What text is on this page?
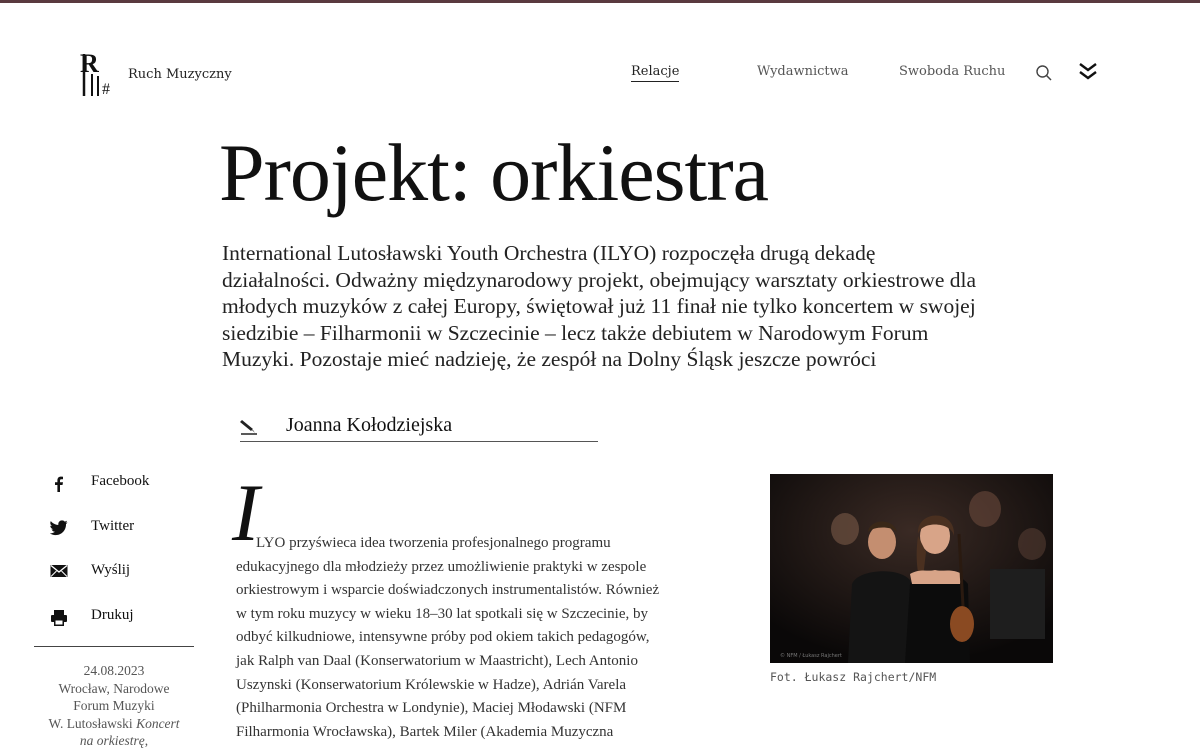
R
#
Ruch Muzyczny	Relacje	Wydawnictwa	Swoboda Ruchu
Projekt: orkiestra

International Lutosławski Youth Orchestra (ILYO) rozpoczęła drugą dekadę
działalności. Odważny międzynarodowy projekt, obejmujący warsztaty orkiestrowe dla
młodych muzyków z całej Europy, świętował już 11 finał nie tylko koncertem w swojej
siedzibie – Filharmonii w Szczecinie – lecz także debiutem w Narodowym Forum
Muzyki. Pozostaje mieć nadzieję, że zespół na Dolny Śląsk jeszcze powróci

Joanna Kołodziejska
Facebook
Twitter
Wyślij
Drukuj
24.08.2023
Wrocław, Narodowe
Forum Muzyki
W. Lutosławski Koncert
na orkiestrę,
I

LYO przyświeca idea tworzenia profesjonalnego programu
edukacyjnego dla młodzieży przez umożliwienie praktyki w zespole
orkiestrowym i wsparcie doświadczonych instrumentalistów. Również
w tym roku muzycy w wieku 18–30 lat spotkali się w Szczecinie, by
odbyć kilkudniowe, intensywne próby pod okiem takich pedagogów,
jak Ralph van Daal (Konserwatorium w Maastricht), Lech Antonio
Uszynski (Konserwatorium Królewskie w Hadze), Adrián Varela
(Philharmonia Orchestra w Londynie), Maciej Młodawski (NFM
Filharmonia Wrocławska), Bartek Miler (Akademia Muzyczna

© NFM / Łukasz Rajchert
Fot. Łukasz Rajchert/NFM
